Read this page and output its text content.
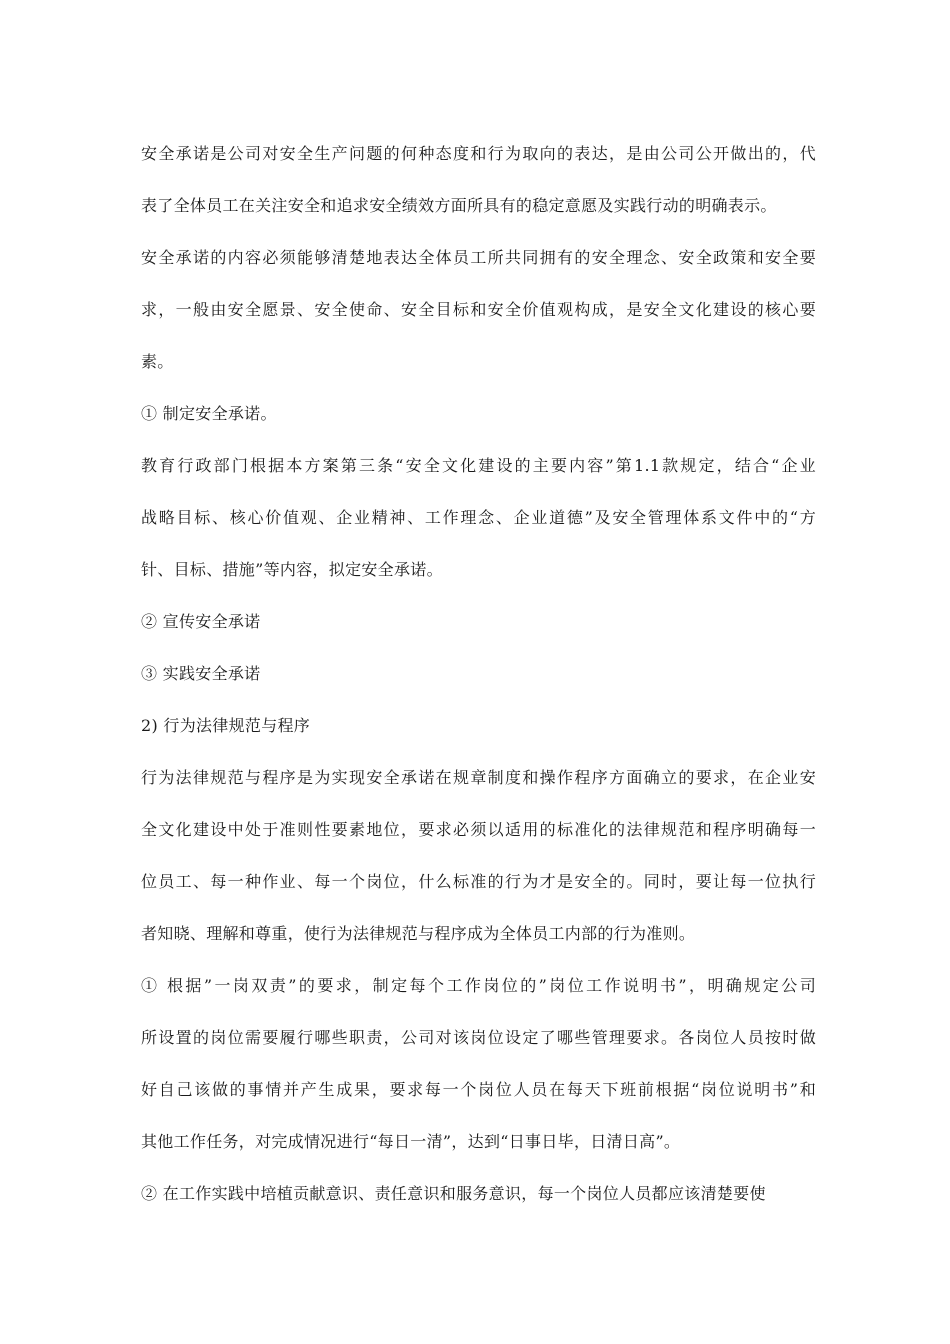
安全承诺是公司对安全生产问题的何种态度和行为取向的表达，是由公司公开做出的，代
表了全体员工在关注安全和追求安全绩效方面所具有的稳定意愿及实践行动的明确表示。
安全承诺的内容必须能够清楚地表达全体员工所共同拥有的安全理念、安全政策和安全要
求，一般由安全愿景、安全使命、安全目标和安全价值观构成，是安全文化建设的核心要
素。
① 制定安全承诺。
教育行政部门根据本方案第三条“安全文化建设的主要内容”第1.1款规定，结合“企业
战略目标、核心价值观、企业精神、工作理念、企业道德”及安全管理体系文件中的“方
针、目标、措施”等内容，拟定安全承诺。
② 宣传安全承诺
③ 实践安全承诺
2) 行为法律规范与程序
行为法律规范与程序是为实现安全承诺在规章制度和操作程序方面确立的要求，在企业安
全文化建设中处于准则性要素地位，要求必须以适用的标准化的法律规范和程序明确每一
位员工、每一种作业、每一个岗位，什么标准的行为才是安全的。同时，要让每一位执行
者知晓、理解和尊重，使行为法律规范与程序成为全体员工内部的行为准则。
① 根据”一岗双责”的要求，制定每个工作岗位的”岗位工作说明书”，明确规定公司
所设置的岗位需要履行哪些职责，公司对该岗位设定了哪些管理要求。各岗位人员按时做
好自己该做的事情并产生成果，要求每一个岗位人员在每天下班前根据“岗位说明书”和
其他工作任务，对完成情况进行“每日一清”，达到“日事日毕，日清日高”。
② 在工作实践中培植贡献意识、责任意识和服务意识，每一个岗位人员都应该清楚要使
